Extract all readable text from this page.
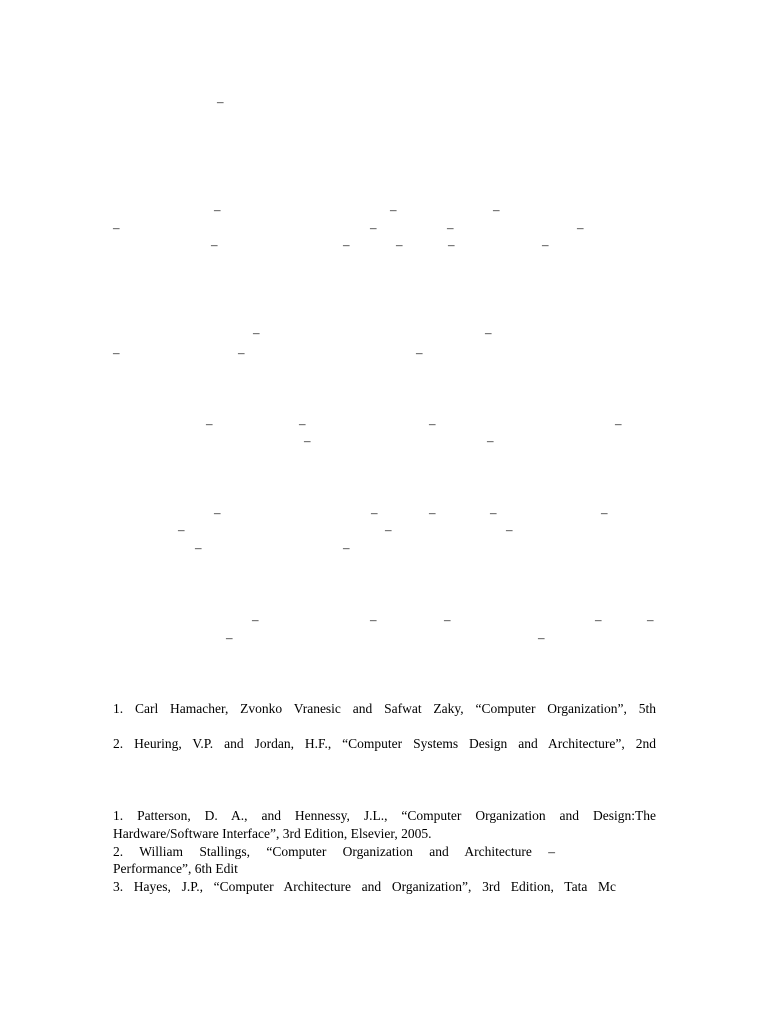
–
–	–	–
–	–	–	–
–	–	–	–	–
–	–
–	–	–
–	–	–	–
–	–
–	–	–	–	–
–	–	–
–	–
–	–	–	–	–
–	–
1. Carl Hamacher, Zvonko Vranesic and Safwat Zaky, “Computer Organization”, 5th
2. Heuring, V.P. and Jordan, H.F., “Computer Systems Design and Architecture”, 2nd
1. Patterson, D. A., and Hennessy, J.L., “Computer Organization and Design:The
Hardware/Software Interface”, 3rd Edition, Elsevier, 2005.
2. William Stallings, “Computer Organization and Architecture –
Performance”, 6th Edit
3. Hayes, J.P., “Computer Architecture and Organization”, 3rd Edition, Tata Mc
